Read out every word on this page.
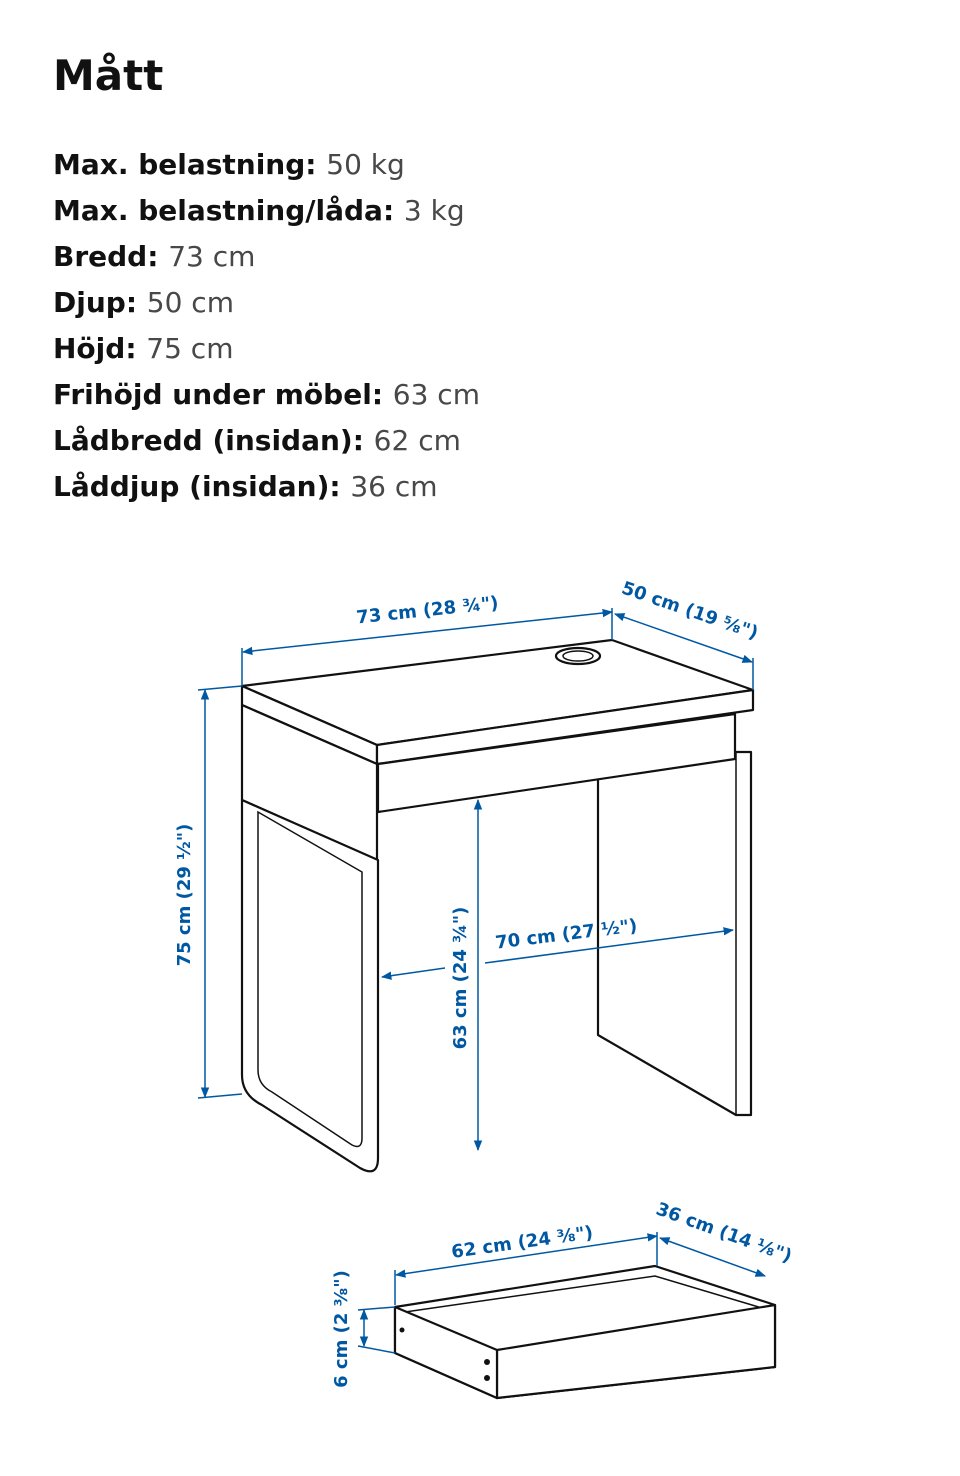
Mått
Max. belastning: 50 kg
Max. belastning/låda: 3 kg
Bredd: 73 cm
Djup: 50 cm
Höjd: 75 cm
Frihöjd under möbel: 63 cm
Lådbredd (insidan): 62 cm
Låddjup (insidan): 36 cm
73 cm (28 ¾")	50 cm (19 ⅝")
75 cm (29 ½")
63 cm (24 ¾") 70 cm (27 ½")
62 cm (24 ⅜")	36 cm (14 ⅛")
6 cm (2 ⅜")
